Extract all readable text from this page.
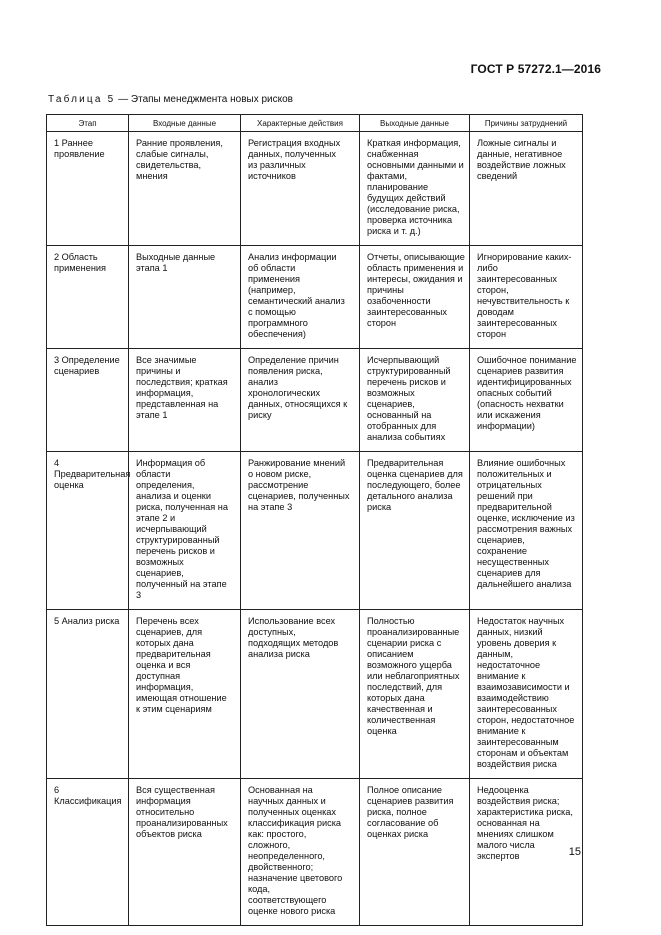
ГОСТ Р 57272.1—2016
Таблица 5 — Этапы менеджмента новых рисков
Этап	Входные данные	Характерные действия	Выходные данные	Причины затруднений

1 Раннее проявление	Ранние проявления, слабые сигналы, свидетельства, мнения	Регистрация входных данных, полученных из различных источников	Краткая информация, снабженная основными данными и фактами, планирование будущих действий (исследование риска, проверка источника риска и т. д.)	Ложные сигналы и данные, негативное воздействие ложных сведений

2 Область применения	Выходные данные этапа 1	Анализ информации об области применения (например, семантический анализ с помощью программного обеспечения)	Отчеты, описывающие область применения и интересы, ожидания и причины озабоченности заинтересованных сторон	Игнорирование каких-либо заинтересованных сторон, нечувствительность к доводам заинтересованных сторон

3 Определение сценариев	Все значимые причины и последствия; краткая информация, представленная на этапе 1	Определение причин появления риска, анализ хронологических данных, относящихся к риску	Исчерпывающий структурированный перечень рисков и возможных сценариев, основанный на отобранных для анализа событиях	Ошибочное понимание сценариев развития идентифицированных опасных событий (опасность нехватки или искажения информации)

4 Предварительная оценка	Информация об области определения, анализа и оценки риска, полученная на этапе 2 и исчерпывающий структурированный перечень рисков и возможных сценариев, полученный на этапе 3	Ранжирование мнений о новом риске, рассмотрение сценариев, полученных на этапе 3	Предварительная оценка сценариев для последующего, более детального анализа риска	Влияние ошибочных положительных и отрицательных решений при предварительной оценке, исключение из рассмотрения важных сценариев, сохранение несущественных сценариев для дальнейшего анализа

5 Анализ риска	Перечень всех сценариев, для которых дана предварительная оценка и вся доступная информация, имеющая отношение к этим сценариям	Использование всех доступных, подходящих методов анализа риска	Полностью проанализированные сценарии риска с описанием возможного ущерба или неблагоприятных последствий, для которых дана качественная и количественная оценка	Недостаток научных данных, низкий уровень доверия к данным, недостаточное внимание к взаимозависимости и взаимодействию заинтересованных сторон, недостаточное внимание к заинтересованным сторонам и объектам воздействия риска

6 Классификация	Вся существенная информация относительно проанализированных объектов риска	Основанная на научных данных и полученных оценках классификация риска как: простого, сложного, неопределенного, двойственного; назначение цветового кода, соответствующего оценке нового риска	Полное описание сценариев развития риска, полное согласование об оценках риска	Недооценка воздействия риска; характеристика риска, основанная на мнениях слишком малого числа экспертов	15
